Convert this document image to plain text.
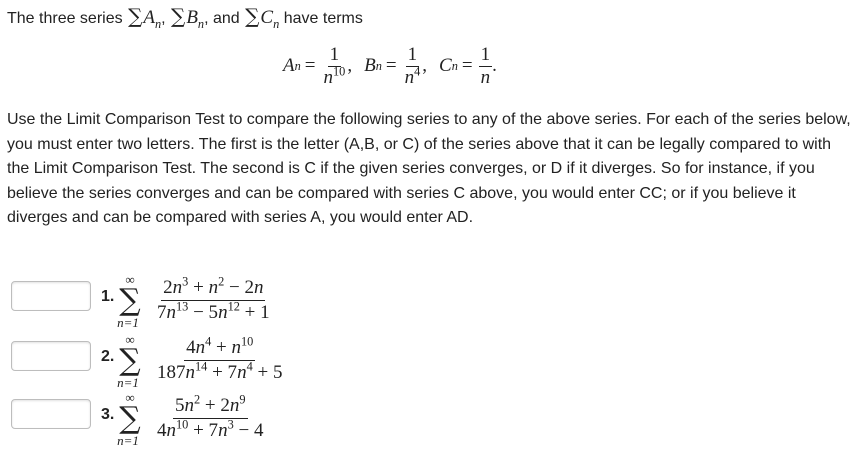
The three series $\sum A_n$, $\sum B_n$, and $\sum C_n$ have terms
A $n = \frac{1}{n^{10}}$ , B $n = \frac{1}{n^4}$ , C $n = \frac{1}{n}$ .
Use the Limit Comparison Test to compare the following series to any of the above series. For each of the series below, you must enter two letters. The first is the letter (A,B, or C) of the series above that it can be legally compared to with the Limit Comparison Test. The second is C if the given series converges, or D if it diverges. So for instance, if you believe the series converges and can be compared with series C above, you would enter CC; or if you believe it diverges and can be compared with series A, you would enter AD.
1.
∞
∑
$n=1 \frac{2n^3 + n^2 - 2n}{7n^{13} - 5n^{12} + 1}$
2.
∞
∑
$n=1 \frac{4n^4 + n^{10}}{187n^{14} + 7n^4 + 5}$
3.
∞
∑
$n=1 \frac{5n^2 + 2n^9}{4n^{10} + 7n^3 - 4}$
